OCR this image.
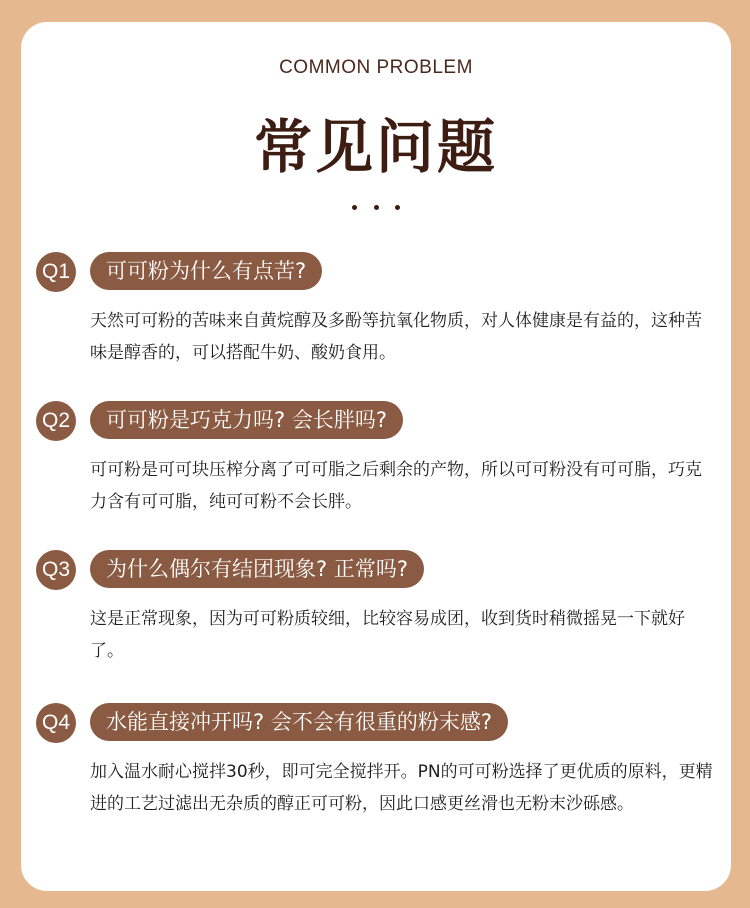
COMMON PROBLEM
常见问题
Q1	可可粉为什么有点苦?
天然可可粉的苦味来自黄烷醇及多酚等抗氧化物质，对人体健康是有益的，这种苦味是醇香的，可以搭配牛奶、酸奶食用。
Q2	可可粉是巧克力吗? 会长胖吗?
可可粉是可可块压榨分离了可可脂之后剩余的产物，所以可可粉没有可可脂，巧克力含有可可脂，纯可可粉不会长胖。
Q3	为什么偶尔有结团现象? 正常吗?
这是正常现象，因为可可粉质较细，比较容易成团，收到货时稍微摇晃一下就好了。
Q4	水能直接冲开吗? 会不会有很重的粉末感?
加入温水耐心搅拌30秒，即可完全搅拌开。PN的可可粉选择了更优质的原料，更精进的工艺过滤出无杂质的醇正可可粉，因此口感更丝滑也无粉末沙砾感。
